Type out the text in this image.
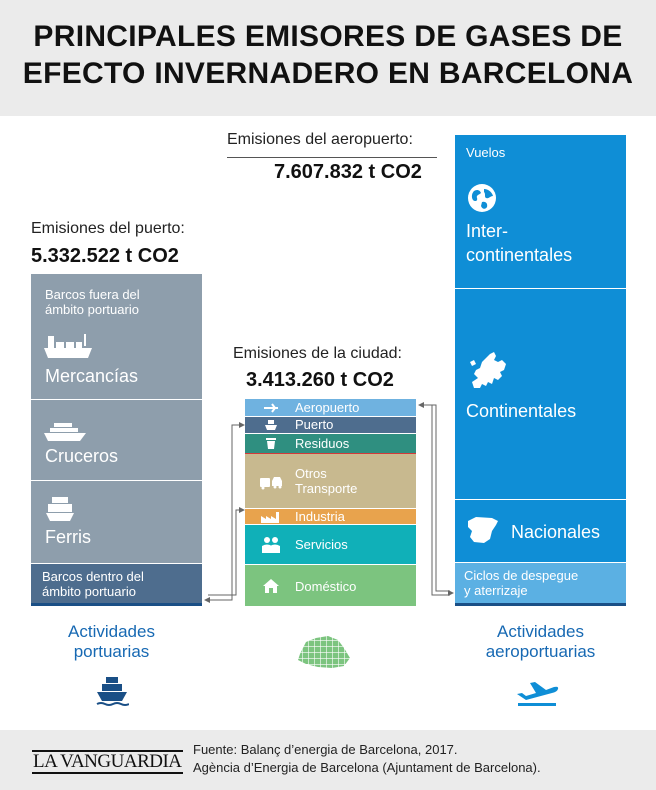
PRINCIPALES EMISORES DE GASES DE
EFECTO INVERNADERO EN BARCELONA
Emisiones del aeropuerto:
7.607.832 t CO2
Vuelos
Inter-
continentales
Continentales
Nacionales
Ciclos de despegue
y aterrizaje
Emisiones del puerto:
5.332.522 t CO2
Barcos fuera del
ámbito portuario
Mercancías
Cruceros
Ferris
Barcos dentro del
ámbito portuario
Emisiones de la ciudad:
3.413.260 t CO2
Aeropuerto
Puerto
Residuos
Otros
Transporte
Industria
Servicios
Doméstico
Actividades
portuarias
Actividades
aeroportuarias
LA VANGUARDIA
Fuente: Balanç d’energia de Barcelona, 2017.
Agència d’Energia de Barcelona (Ajuntament de Barcelona).
